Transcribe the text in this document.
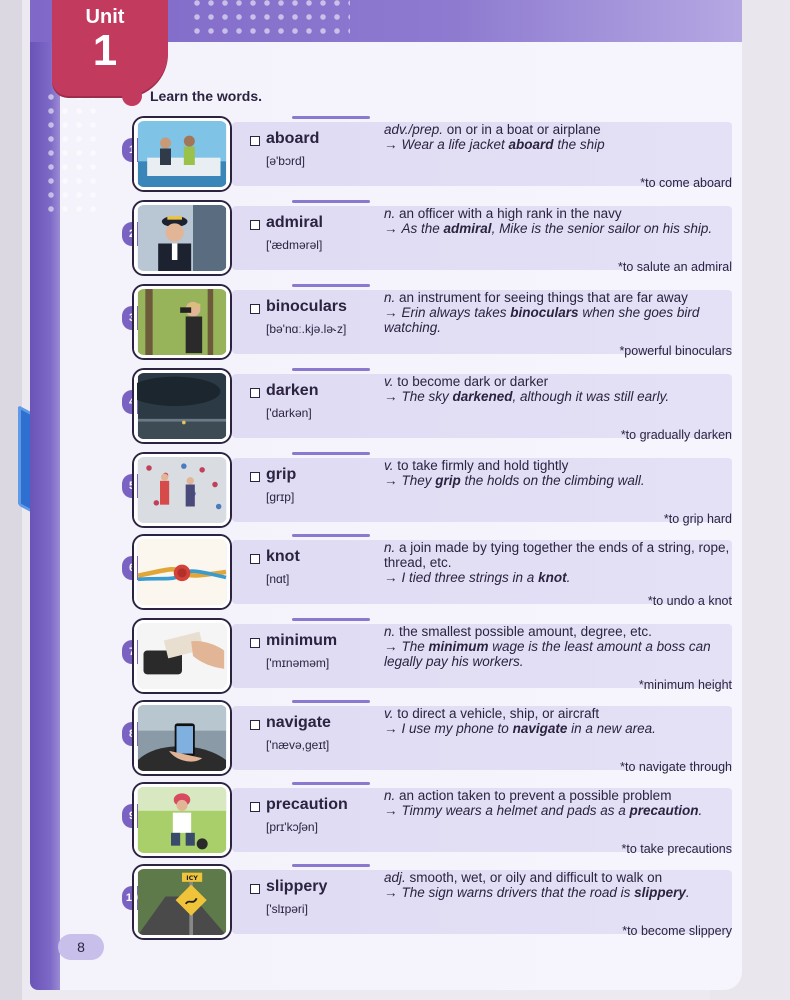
Unit
1
Learn the words.
1
aboard
[ə'bɔrd]
adv./prep. on or in a boat or airplane
→ Wear a life jacket aboard the ship
*to come aboard
2
admiral
['ædmərəl]
n. an officer with a high rank in the navy
→ As the admiral, Mike is the senior sailor on his ship.
*to salute an admiral
3
binoculars
[bə'nɑː.kjə.lə˞z]
n. an instrument for seeing things that are far away
→ Erin always takes binoculars when she goes bird watching.
*powerful binoculars
4
darken
['darkən]
v. to become dark or darker
→ The sky darkened, although it was still early.
*to gradually darken
5
grip
[grɪp]
v. to take firmly and hold tightly
→ They grip the holds on the climbing wall.
*to grip hard
6
knot
[nɑt]
n. a join made by tying together the ends of a string, rope, thread, etc.
→ I tied three strings in a knot.
*to undo a knot
7
minimum
['mɪnəməm]
n. the smallest possible amount, degree, etc.
→ The minimum wage is the least amount a boss can legally pay his workers.
*minimum height
8
navigate
['nævə,geɪt]
v. to direct a vehicle, ship, or aircraft
→ I use my phone to navigate in a new area.
*to navigate through
9
precaution
[prɪ'kɔʃən]
n. an action taken to prevent a possible problem
→ Timmy wears a helmet and pads as a precaution.
*to take precautions
10
ICY	slippery
['slɪpəri]
adj. smooth, wet, or oily and difficult to walk on
→ The sign warns drivers that the road is slippery.
*to become slippery
8
